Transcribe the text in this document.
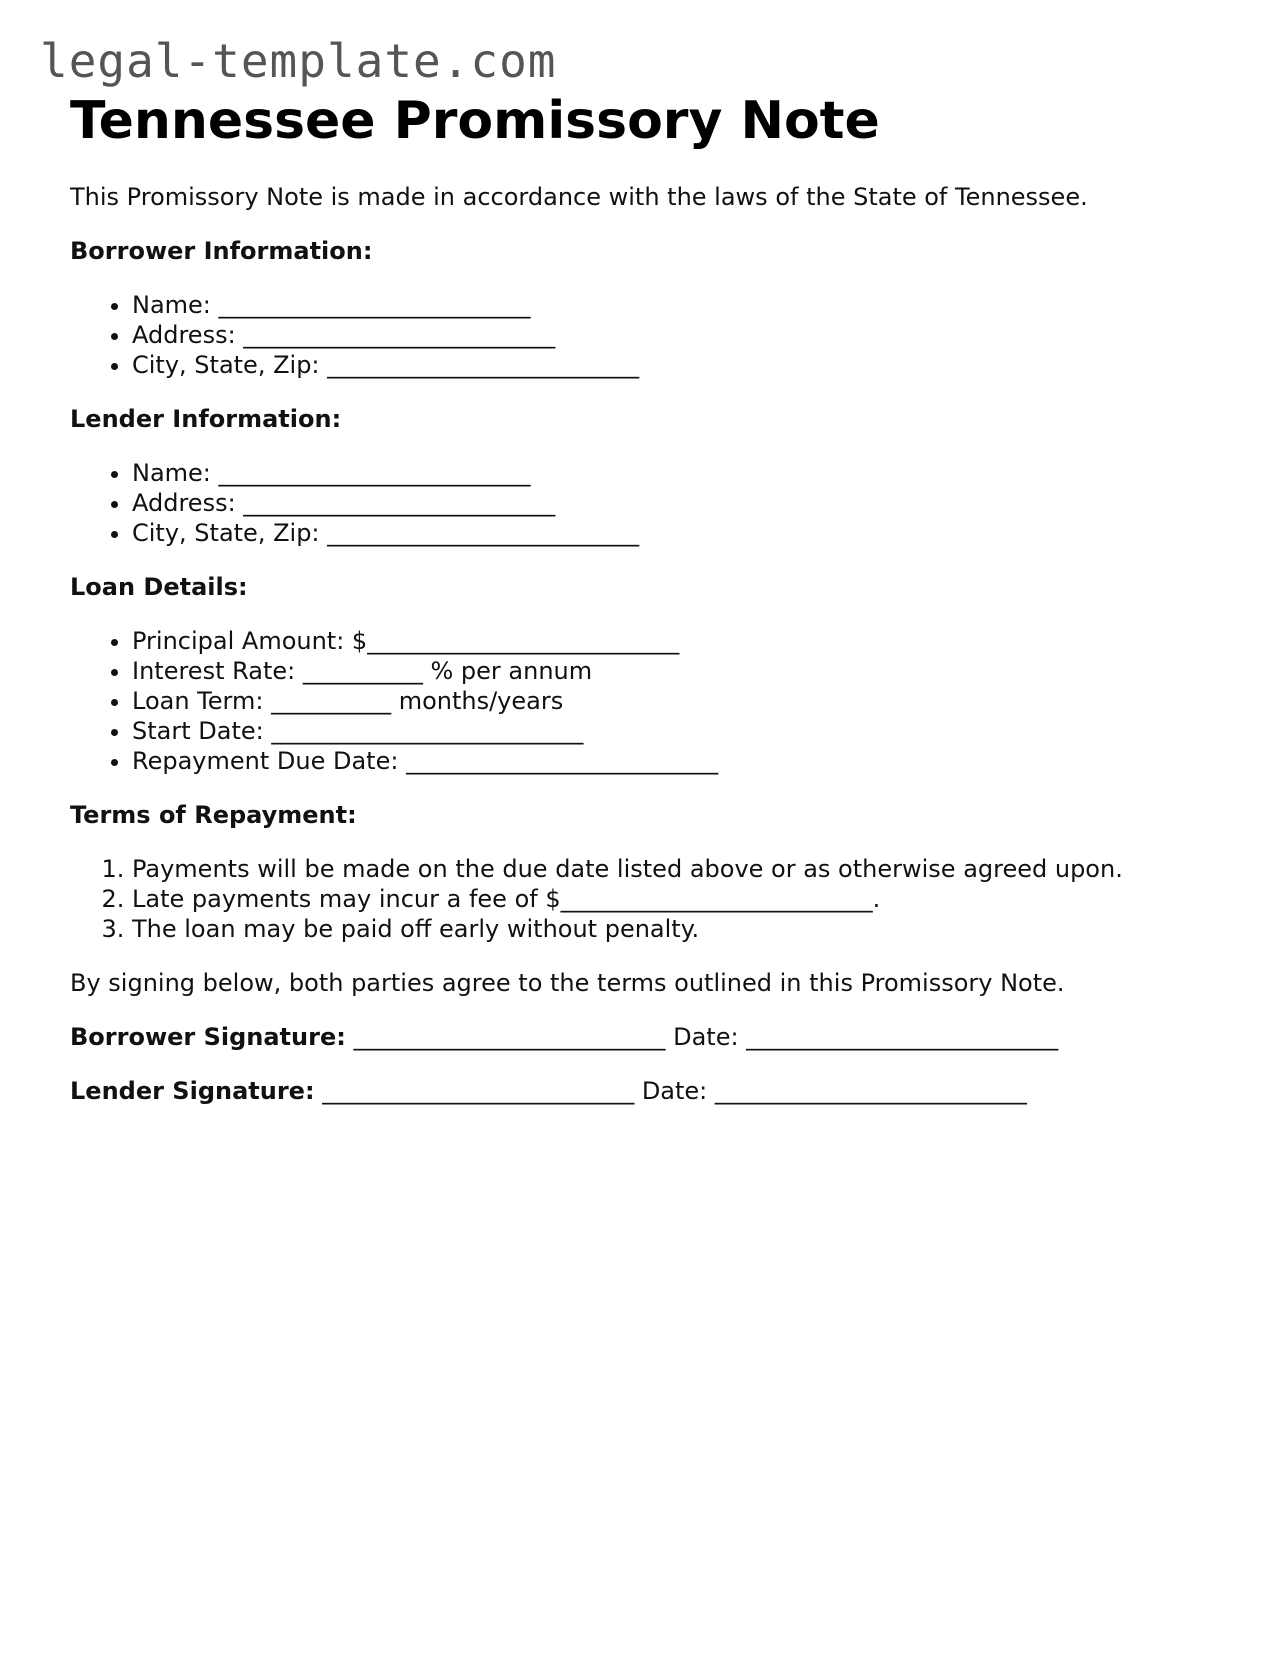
legal-template.com
Tennessee Promissory Note

This Promissory Note is made in accordance with the laws of the State of Tennessee.

Borrower Information:

• Name: __________________________
• Address: __________________________
• City, State, Zip: __________________________

Lender Information:

• Name: __________________________
• Address: __________________________
• City, State, Zip: __________________________

Loan Details:

• Principal Amount: $__________________________
• Interest Rate: __________ % per annum
• Loan Term: __________ months/years
• Start Date: __________________________
• Repayment Due Date: __________________________

Terms of Repayment:

1. Payments will be made on the due date listed above or as otherwise agreed upon.
2. Late payments may incur a fee of $__________________________.
3. The loan may be paid off early without penalty.

By signing below, both parties agree to the terms outlined in this Promissory Note.

Borrower Signature: __________________________ Date: __________________________

Lender Signature: __________________________ Date: __________________________
